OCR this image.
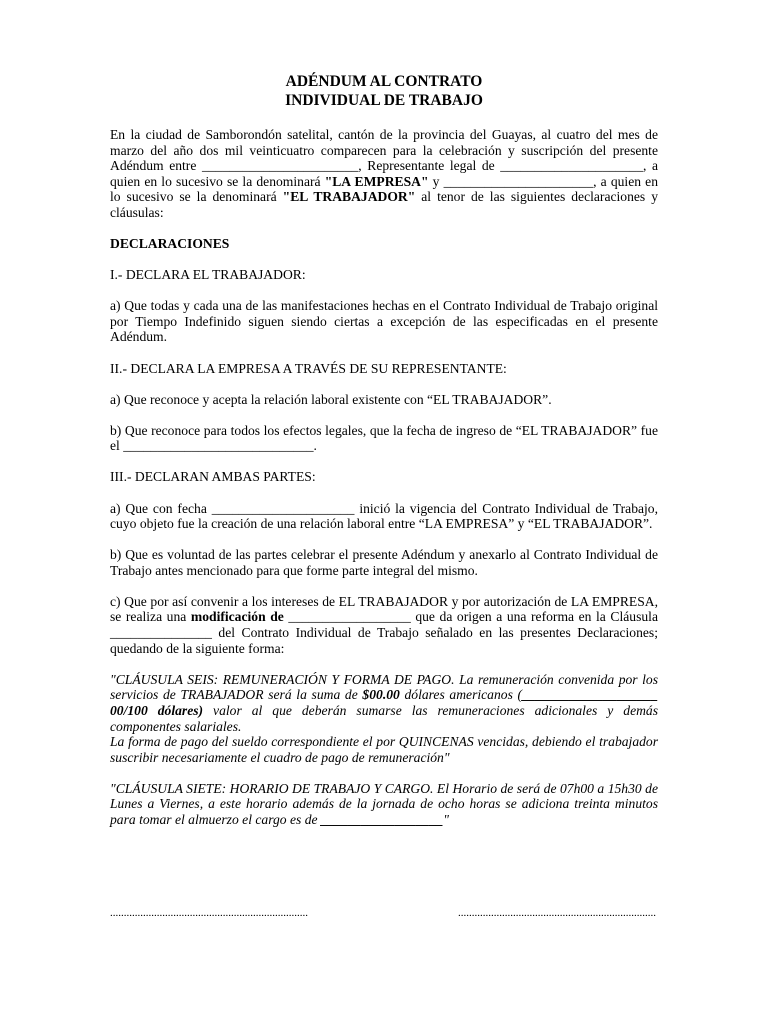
ADÉNDUM AL CONTRATO
INDIVIDUAL DE TRABAJO

En la ciudad de Samborondón satelital, cantón de la provincia del Guayas, al cuatro del mes de marzo del año dos mil veinticuatro comparecen para la celebración y suscripción del presente Adéndum entre _______________________, Representante legal de _____________________, a quien en lo sucesivo se la denominará "LA EMPRESA" y ______________________, a quien en lo sucesivo se la denominará "EL TRABAJADOR" al tenor de las siguientes declaraciones y cláusulas:

DECLARACIONES

I.- DECLARA EL TRABAJADOR:

a) Que todas y cada una de las manifestaciones hechas en el Contrato Individual de Trabajo original por Tiempo Indefinido siguen siendo ciertas a excepción de las especificadas en el presente Adéndum.

II.- DECLARA LA EMPRESA A TRAVÉS DE SU REPRESENTANTE:

a) Que reconoce y acepta la relación laboral existente con “EL TRABAJADOR”.

b) Que reconoce para todos los efectos legales, que la fecha de ingreso de “EL TRABAJADOR” fue el ____________________________.

III.- DECLARAN AMBAS PARTES:

a) Que con fecha _____________________ inició la vigencia del Contrato Individual de Trabajo, cuyo objeto fue la creación de una relación laboral entre “LA EMPRESA” y “EL TRABAJADOR”.

b) Que es voluntad de las partes celebrar el presente Adéndum y anexarlo al Contrato Individual de Trabajo antes mencionado para que forme parte integral del mismo.

c) Que por así convenir a los intereses de EL TRABAJADOR y por autorización de LA EMPRESA, se realiza una modificación de __________________ que da origen a una reforma en la Cláusula _______________ del Contrato Individual de Trabajo señalado en las presentes Declaraciones; quedando de la siguiente forma:

"CLÁUSULA SEIS: REMUNERACIÓN Y FORMA DE PAGO. La remuneración convenida por los servicios de TRABAJADOR será la suma de $00.00 dólares americanos (____________________ 00/100 dólares) valor al que deberán sumarse las remuneraciones adicionales y demás componentes salariales.

La forma de pago del sueldo correspondiente el por QUINCENAS vencidas, debiendo el trabajador suscribir necesariamente el cuadro de pago de remuneración"

"CLÁUSULA SIETE: HORARIO DE TRABAJO Y CARGO. El Horario de será de 07h00 a 15h30 de Lunes a Viernes, a este horario además de la jornada de ocho horas se adiciona treinta minutos para tomar el almuerzo el cargo es de __________________"

........................................................................	........................................................................
